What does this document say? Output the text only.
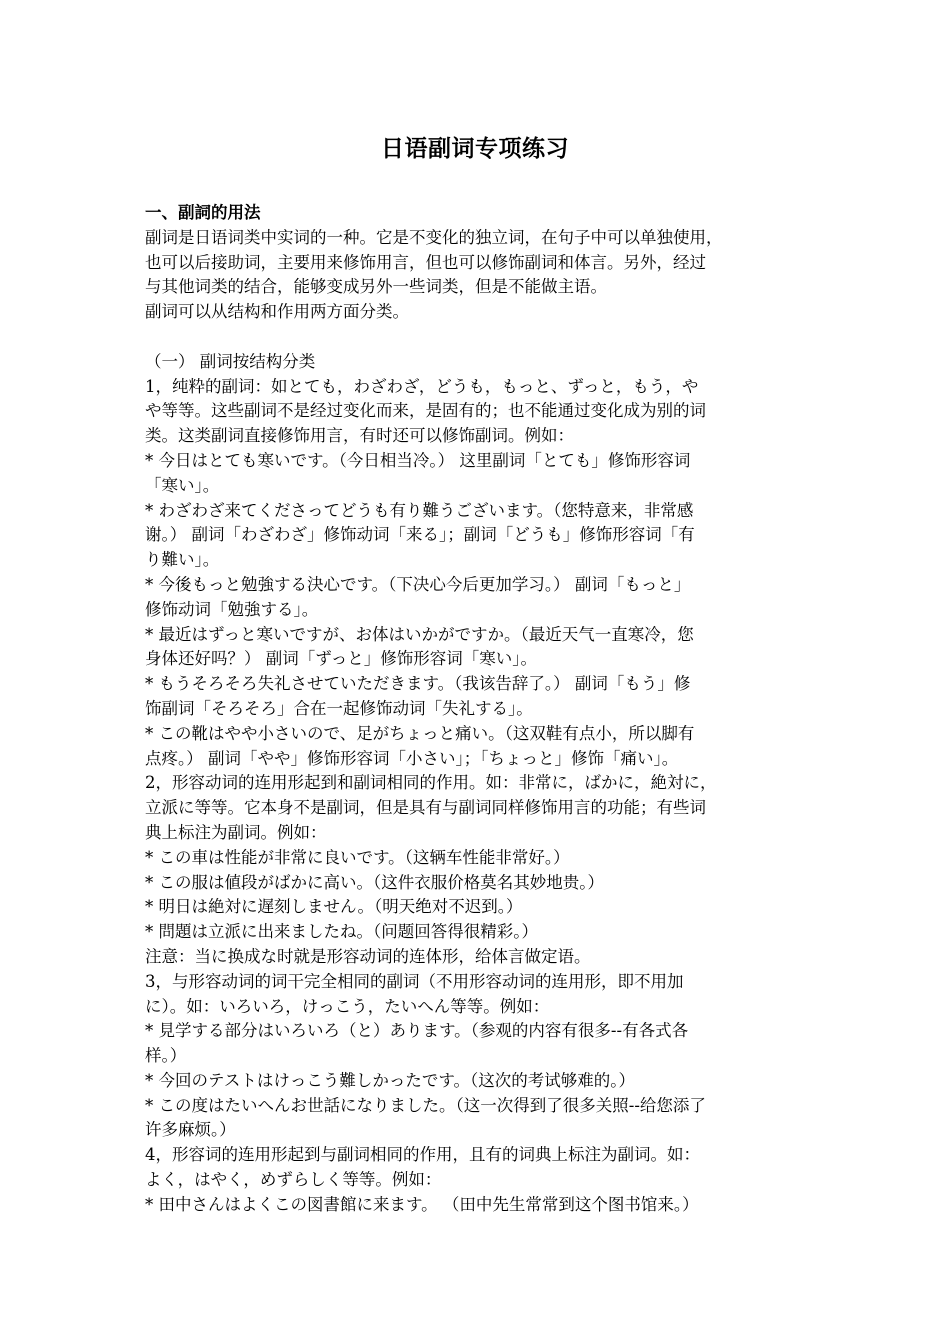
日语副词专项练习
一、副詞的用法
副词是日语词类中实词的一种。它是不变化的独立词，在句子中可以单独使用，
也可以后接助词，主要用来修饰用言，但也可以修饰副词和体言。另外，经过
与其他词类的结合，能够变成另外一些词类，但是不能做主语。
副词可以从结构和作用两方面分类。
（一） 副词按结构分类
1，纯粋的副词：如とても，わざわざ，どうも，もっと、ずっと，もう，や
や等等。这些副词不是经过变化而来，是固有的；也不能通过变化成为别的词
类。这类副词直接修饰用言，有时还可以修饰副词。例如：
* 今日はとても寒いです。（今日相当冷。） 这里副词「とても」修饰形容词
「寒い」。
* わざわざ来てくださってどうも有り難うございます。（您特意来，非常感
谢。） 副词「わざわざ」修饰动词「来る」；副词「どうも」修饰形容词「有
り難い」。
* 今後もっと勉強する決心です。（下决心今后更加学习。） 副词「もっと」
修饰动词「勉強する」。
* 最近はずっと寒いですが、お体はいかがですか。（最近天气一直寒冷，您
身体还好吗？） 副词「ずっと」修饰形容词「寒い」。
* もうそろそろ失礼させていただきます。（我该告辞了。） 副词「もう」修
饰副词「そろそろ」合在一起修饰动词「失礼する」。
* この靴はやや小さいので、足がちょっと痛い。（这双鞋有点小，所以脚有
点疼。） 副词「やや」修饰形容词「小さい」；「ちょっと」修饰「痛い」。
2，形容动词的连用形起到和副词相同的作用。如：非常に，ばかに，絶対に，
立派に等等。它本身不是副词，但是具有与副词同样修饰用言的功能；有些词
典上标注为副词。例如：
* この車は性能が非常に良いです。（这辆车性能非常好。）
* この服は値段がばかに高い。（这件衣服价格莫名其妙地贵。）
* 明日は絶対に遅刻しません。（明天绝对不迟到。）
* 問題は立派に出来ましたね。（问题回答得很精彩。）
注意：当に换成な时就是形容动词的连体形，给体言做定语。
3，与形容动词的词干完全相同的副词（不用形容动词的连用形，即不用加
に）。如：いろいろ，けっこう，たいへん等等。例如：
* 見学する部分はいろいろ（と）あります。（参观的内容有很多--有各式各
样。）
* 今回のテストはけっこう難しかったです。（这次的考试够难的。）
* この度はたいへんお世話になりました。（这一次得到了很多关照--给您添了
许多麻烦。）
4，形容词的连用形起到与副词相同的作用，且有的词典上标注为副词。如：
よく，はやく，めずらしく等等。例如：
* 田中さんはよくこの図書館に来ます。 （田中先生常常到这个图书馆来。）
